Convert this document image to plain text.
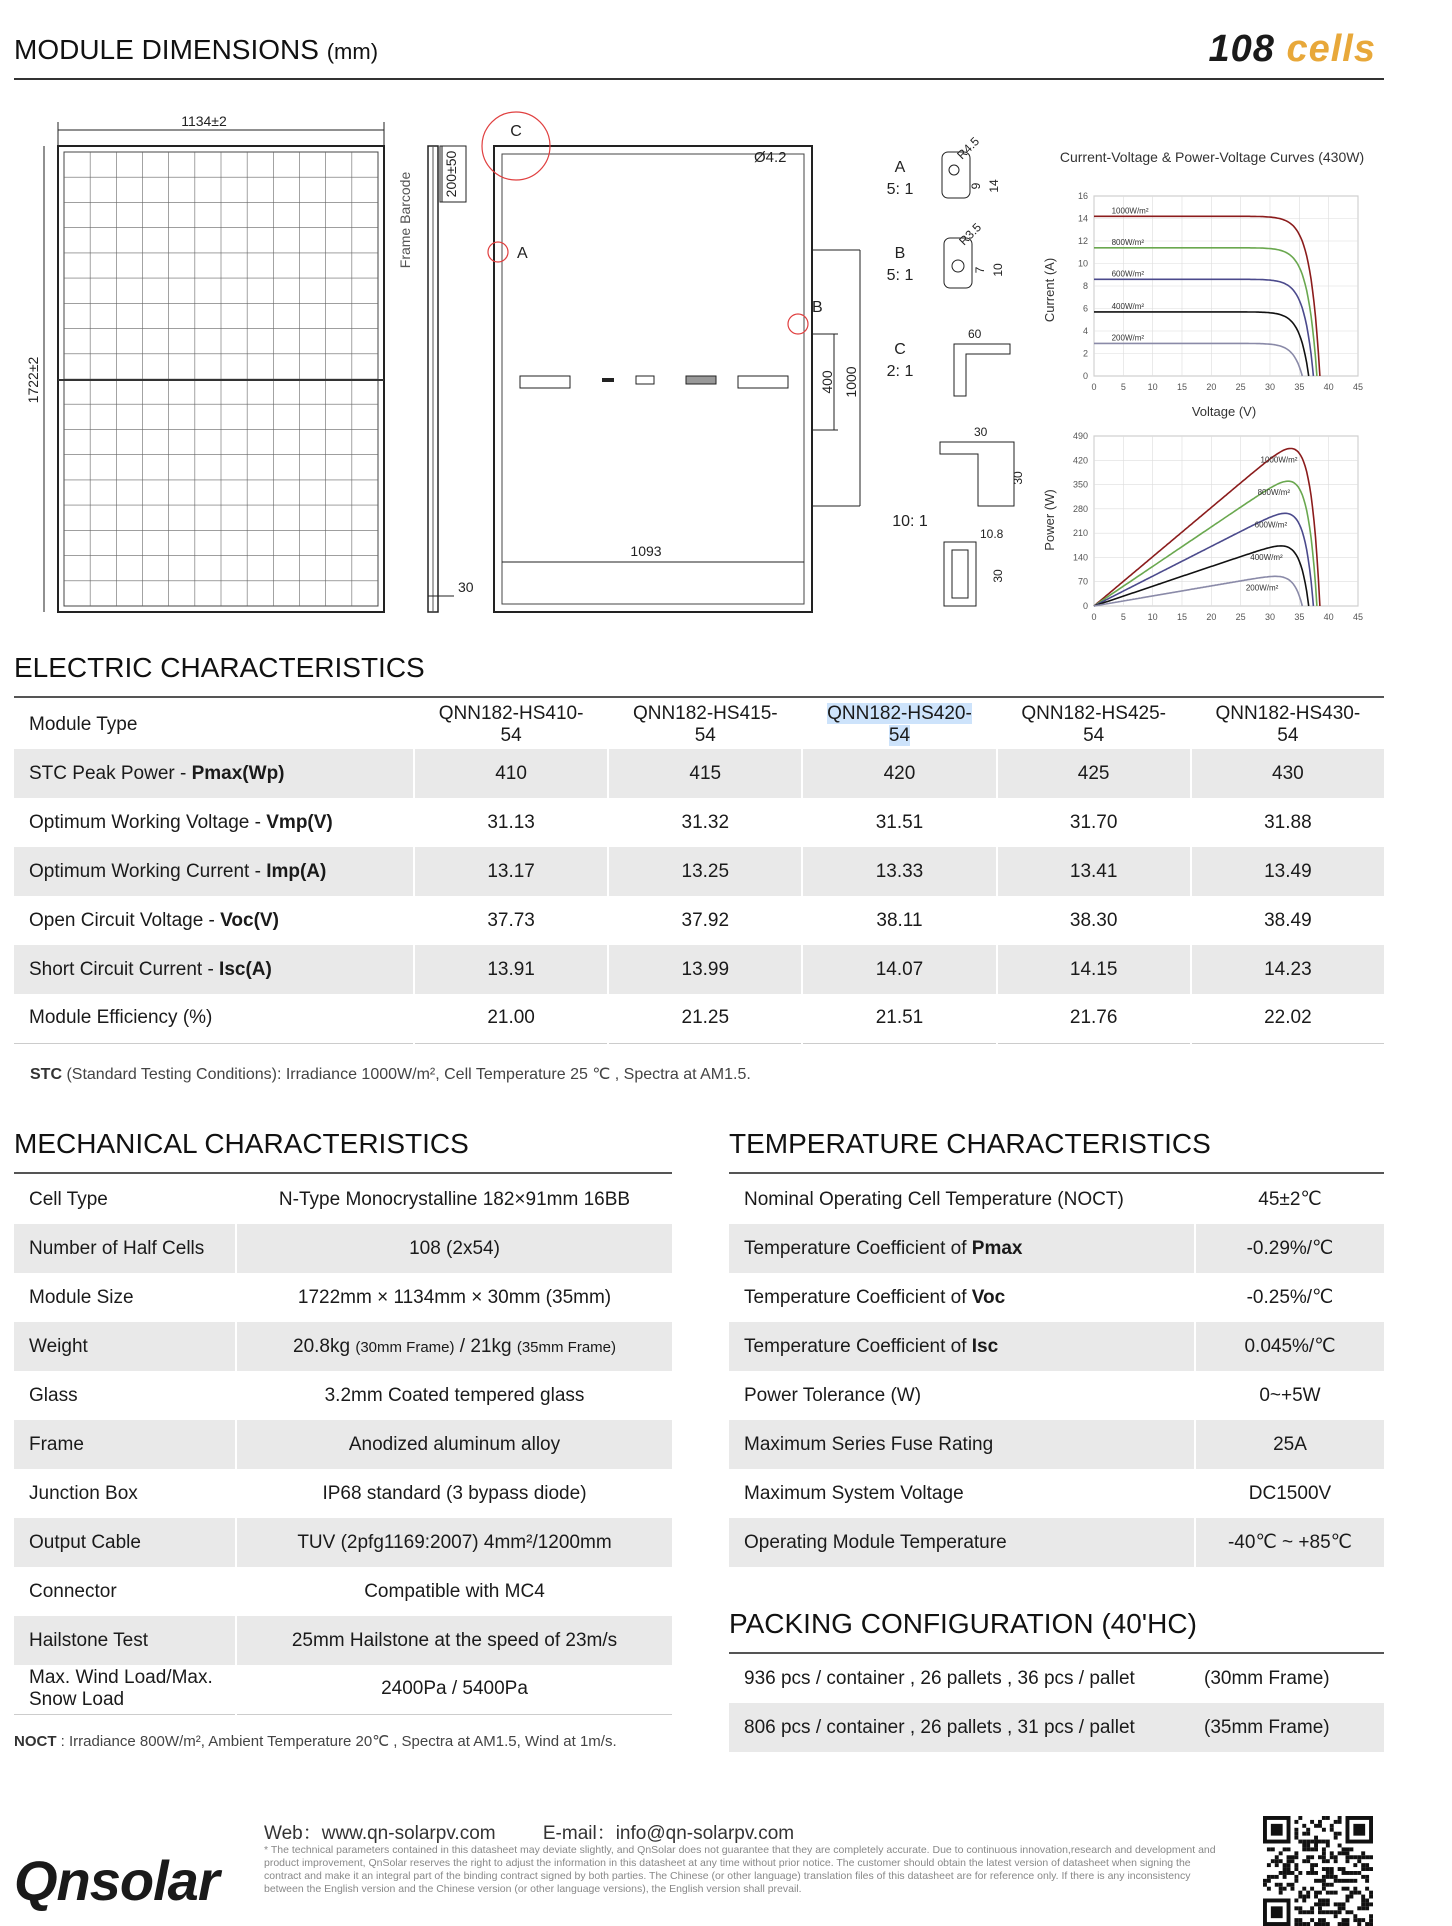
MODULE DIMENSIONS (mm)	108 cells
1134±2
1722±2
Frame Barcode 200±50
30
C
A
B
Ø4.2
1093
400 1000
A
5: 1
R4.5
9 14
B
5: 1
R3.5
7 10
C
2: 1
60
10: 1
30
30
10.8
30
Current-Voltage & Power-Voltage Curves (430W)
Current (A)
Voltage (V)
0
2
4
6
8
10
12
14
16
0	5 10 15 20 25 30 35 40 45
1000W/m²
800W/m²
600W/m²
400W/m²
200W/m²
Power (W)
0
70
140
210
280
350
420
490
0	5 10 15 20 25 30 35 40 45
1000W/m²
800W/m²
600W/m²
400W/m²
200W/m²
ELECTRIC CHARACTERISTICS
Module Type	QNN182-HS410-54	QNN182-HS415-54	QNN182-HS420-54	QNN182-HS425-54	QNN182-HS430-54
STC Peak Power - Pmax(Wp)	410	415	420	425	430
Optimum Working Voltage - Vmp(V)	31.13	31.32	31.51	31.70	31.88
Optimum Working Current - Imp(A)	13.17	13.25	13.33	13.41	13.49
Open Circuit Voltage - Voc(V)	37.73	37.92	38.11	38.30	38.49
Short Circuit Current - Isc(A)	13.91	13.99	14.07	14.15	14.23
Module Efficiency (%)	21.00	21.25	21.51	21.76	22.02
STC (Standard Testing Conditions): Irradiance 1000W/m², Cell Temperature 25 ℃ , Spectra at AM1.5.
MECHANICAL CHARACTERISTICS
Cell Type	N-Type Monocrystalline 182×91mm 16BB
Number of Half Cells	108 (2x54)
Module Size	1722mm × 1134mm × 30mm (35mm)
Weight	20.8kg (30mm Frame) / 21kg (35mm Frame)
Glass	3.2mm Coated tempered glass
Frame	Anodized aluminum alloy
Junction Box	IP68 standard (3 bypass diode)
Output Cable	TUV (2pfg1169:2007) 4mm²/1200mm
Connector	Compatible with MC4
Hailstone Test	25mm Hailstone at the speed of 23m/s
Max. Wind Load/Max. Snow Load	2400Pa / 5400Pa
NOCT : Irradiance 800W/m², Ambient Temperature 20℃ , Spectra at AM1.5, Wind at 1m/s.
TEMPERATURE CHARACTERISTICS
Nominal Operating Cell Temperature (NOCT)	45±2℃
Temperature Coefficient of Pmax	-0.29%/℃
Temperature Coefficient of Voc	-0.25%/℃
Temperature Coefficient of Isc	0.045%/℃
Power Tolerance (W)	0~+5W
Maximum Series Fuse Rating	25A
Maximum System Voltage	DC1500V
Operating Module Temperature	-40℃ ~ +85℃
PACKING CONFIGURATION (40'HC)
936 pcs / container , 26 pallets , 36 pcs / pallet	(30mm Frame)
806 pcs / container , 26 pallets , 31 pcs / pallet	(35mm Frame)
Qnsolar
Web：www.qn-solarpv.com E-mail：info@qn-solarpv.com
* The technical parameters contained in this datasheet may deviate slightly, and QnSolar does not guarantee that they are completely accurate. Due to continuous innovation,research and development and product improvement, QnSolar reserves the right to adjust the information in this datasheet at any time without prior notice. The customer should obtain the latest version of datasheet when signing the contract and make it an integral part of the binding contract signed by both parties. The Chinese (or other language) translation files of this datasheet are for reference only. If there is any inconsistency between the English version and the Chinese version (or other language versions), the English version shall prevail.
